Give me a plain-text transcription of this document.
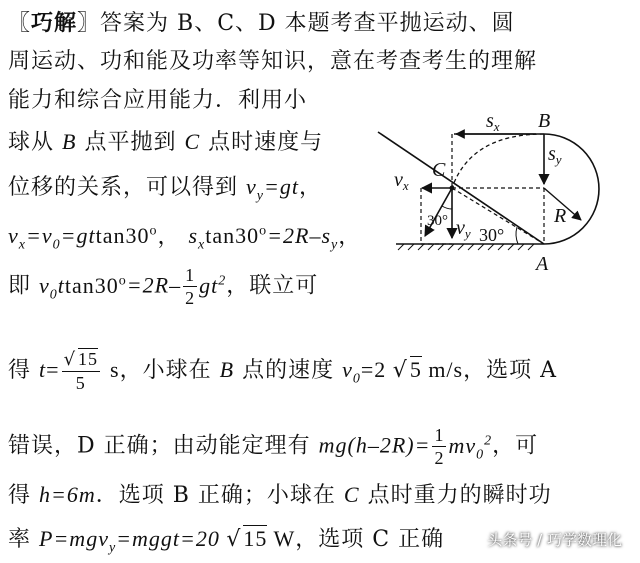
〖巧解〗答案为 B、C、D 本题考查平抛运动、圆
周运动、功和能及功率等知识，意在考查考生的理解
能力和综合应用能力．利用小
球从 B 点平抛到 C 点时速度与
位移的关系，可以得到 $v_y=gt$，
$v_x=v_0=gttan30^o$， $s_x\tan 30^o=2R-s_y$，
即 $v_0ttan30^o=2R- \frac{1}{2} gt^2$，联立可
得 $t= \frac{√ 15}{5}$ s，小球在 B 点的速度 $v_0=2$ √5 m/s，选项 A
错误，D 正确；由动能定理有 $mg(h-2R)= \frac{1}{2} mv_0^2$，可
得 h=6m．选项 B 正确；小球在 C 点时重力的瞬时功
率 P=mgv$_y$=mggt=20 √15 W，选项 C 正确
$s_x$ B
$s_y$
C
$v_x$
R
$v_y$
A
30°
30°
头条号 / 巧学数理化
